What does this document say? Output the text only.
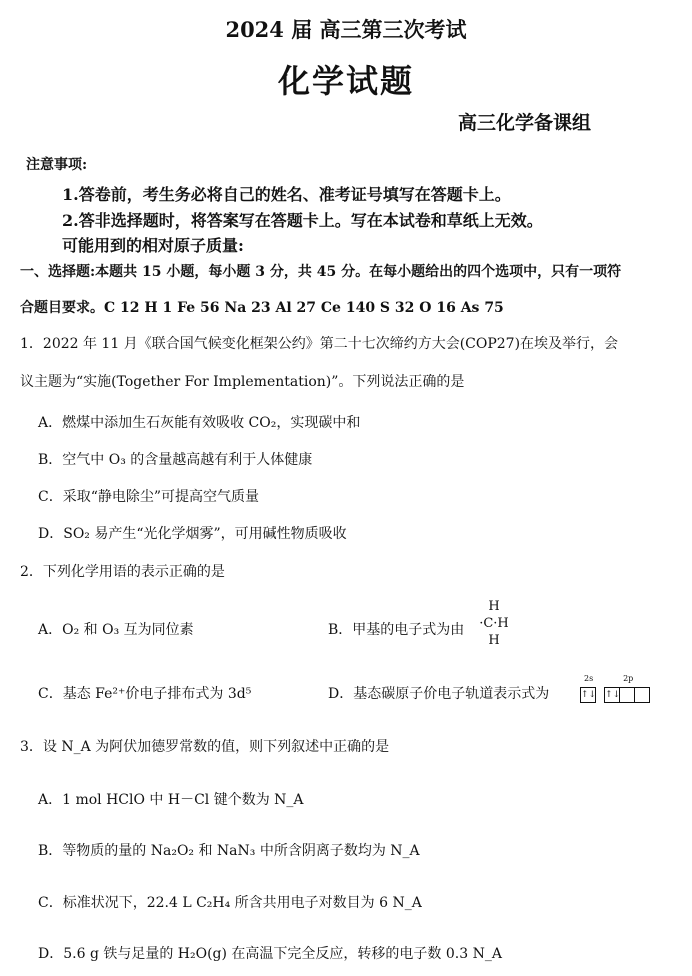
2024 届 高三第三次考试
化学试题
高三化学备课组
注意事项:
1.答卷前，考生务必将自己的姓名、准考证号填写在答题卡上。
2.答非选择题时，将答案写在答题卡上。写在本试卷和草纸上无效。
可能用到的相对原子质量:
一、选择题:本题共 15 小题，每小题 3 分，共 45 分。在每小题给出的四个选项中，只有一项符
合题目要求。C 12 H 1 Fe 56 Na 23 Al 27 Ce 140 S 32 O 16 As 75
1．2022 年 11 月《联合国气候变化框架公约》第二十七次缔约方大会(COP27)在埃及举行，会
议主题为“实施(Together For Implementation)”。下列说法正确的是
A．燃煤中添加生石灰能有效吸收 CO₂，实现碳中和
B．空气中 O₃ 的含量越高越有利于人体健康
C．采取“静电除尘”可提高空气质量
D．SO₂ 易产生“光化学烟雾”，可用碱性物质吸收
2．下列化学用语的表示正确的是
A．O₂ 和 O₃ 互为同位素	B．甲基的电子式为由
H
·C·H
H
C．基态 Fe²⁺价电子排布式为 3d⁵	D．基态碳原子价电子轨道表示式为
2s
↑↓
2p
↑↓
3．设 N_A 为阿伏加德罗常数的值，则下列叙述中正确的是
A．1 mol HClO 中 H－Cl 键个数为 N_A
B．等物质的量的 Na₂O₂ 和 NaN₃ 中所含阴离子数均为 N_A
C．标准状况下，22.4 L C₂H₄ 所含共用电子对数目为 6 N_A
D．5.6 g 铁与足量的 H₂O(g) 在高温下完全反应，转移的电子数 0.3 N_A
